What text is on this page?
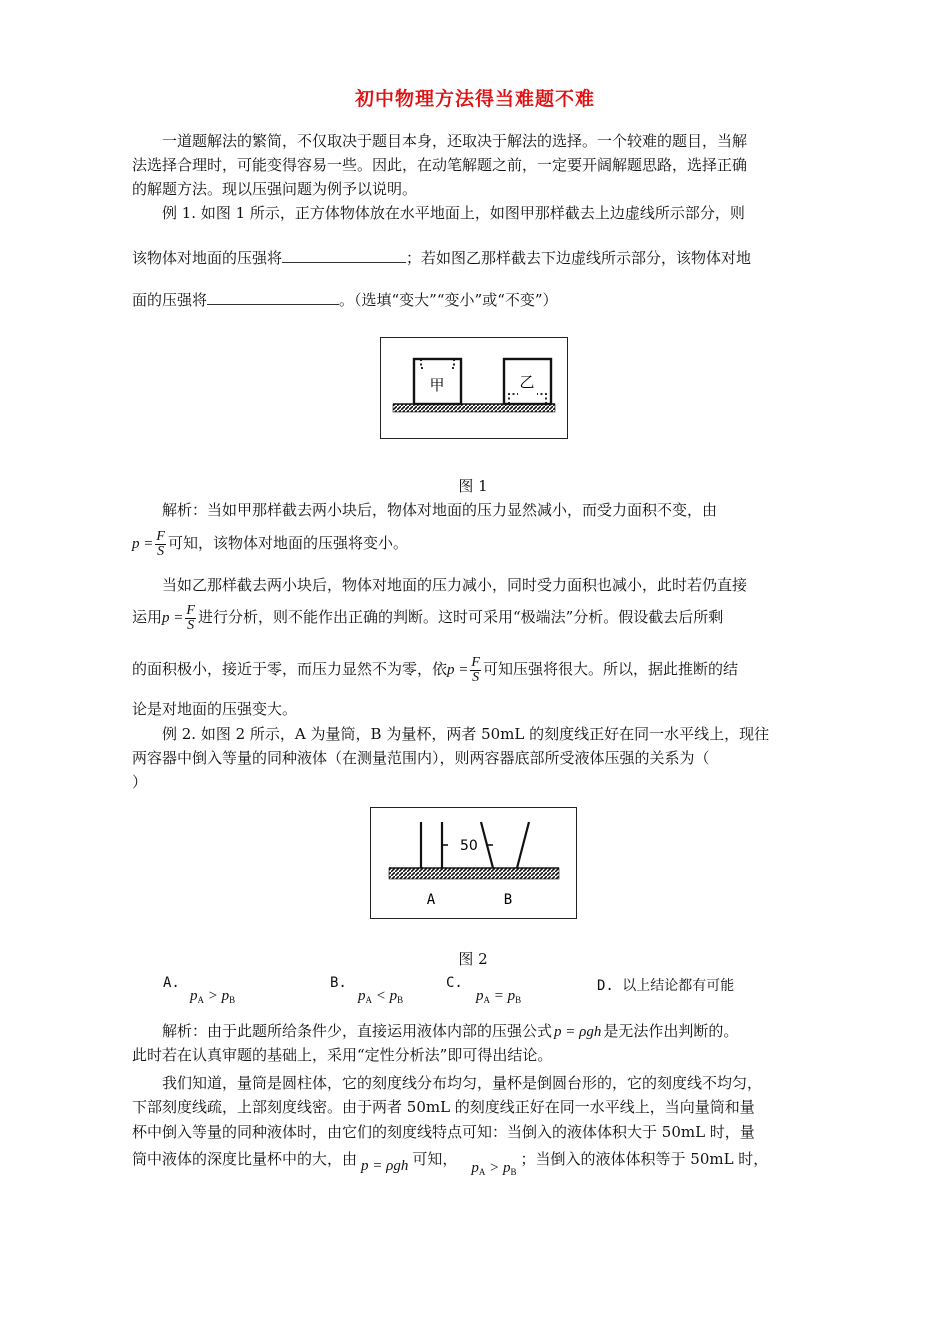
初中物理方法得当难题不难
一道题解法的繁简，不仅取决于题目本身，还取决于解法的选择。一个较难的题目，当解
法选择合理时，可能变得容易一些。因此，在动笔解题之前，一定要开阔解题思路，选择正确
的解题方法。现以压强问题为例予以说明。
例 1. 如图 1 所示，正方体物体放在水平地面上，如图甲那样截去上边虚线所示部分，则
该物体对地面的压强将	；若如图乙那样截去下边虚线所示部分，该物体对地
面的压强将	。（选填“变大”“变小”或“不变”）
甲	乙
图 1
解析：当如甲那样截去两小块后，物体对地面的压力显然减小，而受力面积不变，由
$p = \frac{F}{S}$ 可知，该物体对地面的压强将变小。
当如乙那样截去两小块后，物体对地面的压力减小，同时受力面积也减小，此时若仍直接
运用$p = \frac{F}{S}$ 进行分析，则不能作出正确的判断。这时可采用“极端法”分析。假设截去后所剩
的面积极小，接近于零，而压力显然不为零，依$p = \frac{F}{S}$ 可知压强将很大。所以，据此推断的结
论是对地面的压强变大。
例 2. 如图 2 所示，A 为量筒，B 为量杯，两者 50mL 的刻度线正好在同一水平线上，现往
两容器中倒入等量的同种液体（在测量范围内），则两容器底部所受液体压强的关系为（
）
50
A	B
图 2
A.
$p_A > p_B$
B.
$p_A < p_B$
C.
$p_A = p_B$
D. 以上结论都有可能
解析：由于此题所给条件少，直接运用液体内部的压强公式 p = ρgh 是无法作出判断的。
此时若在认真审题的基础上，采用“定性分析法”即可得出结论。
我们知道，量筒是圆柱体，它的刻度线分布均匀，量杯是倒圆台形的，它的刻度线不均匀，
下部刻度线疏，上部刻度线密。由于两者 50mL 的刻度线正好在同一水平线上，当向量筒和量
杯中倒入等量的同种液体时，由它们的刻度线特点可知：当倒入的液体体积大于 50mL 时，量
筒中液体的深度比量杯中的大，由 p = ρgh 可知， $p_A > p_B$；当倒入的液体体积等于 50mL 时，
